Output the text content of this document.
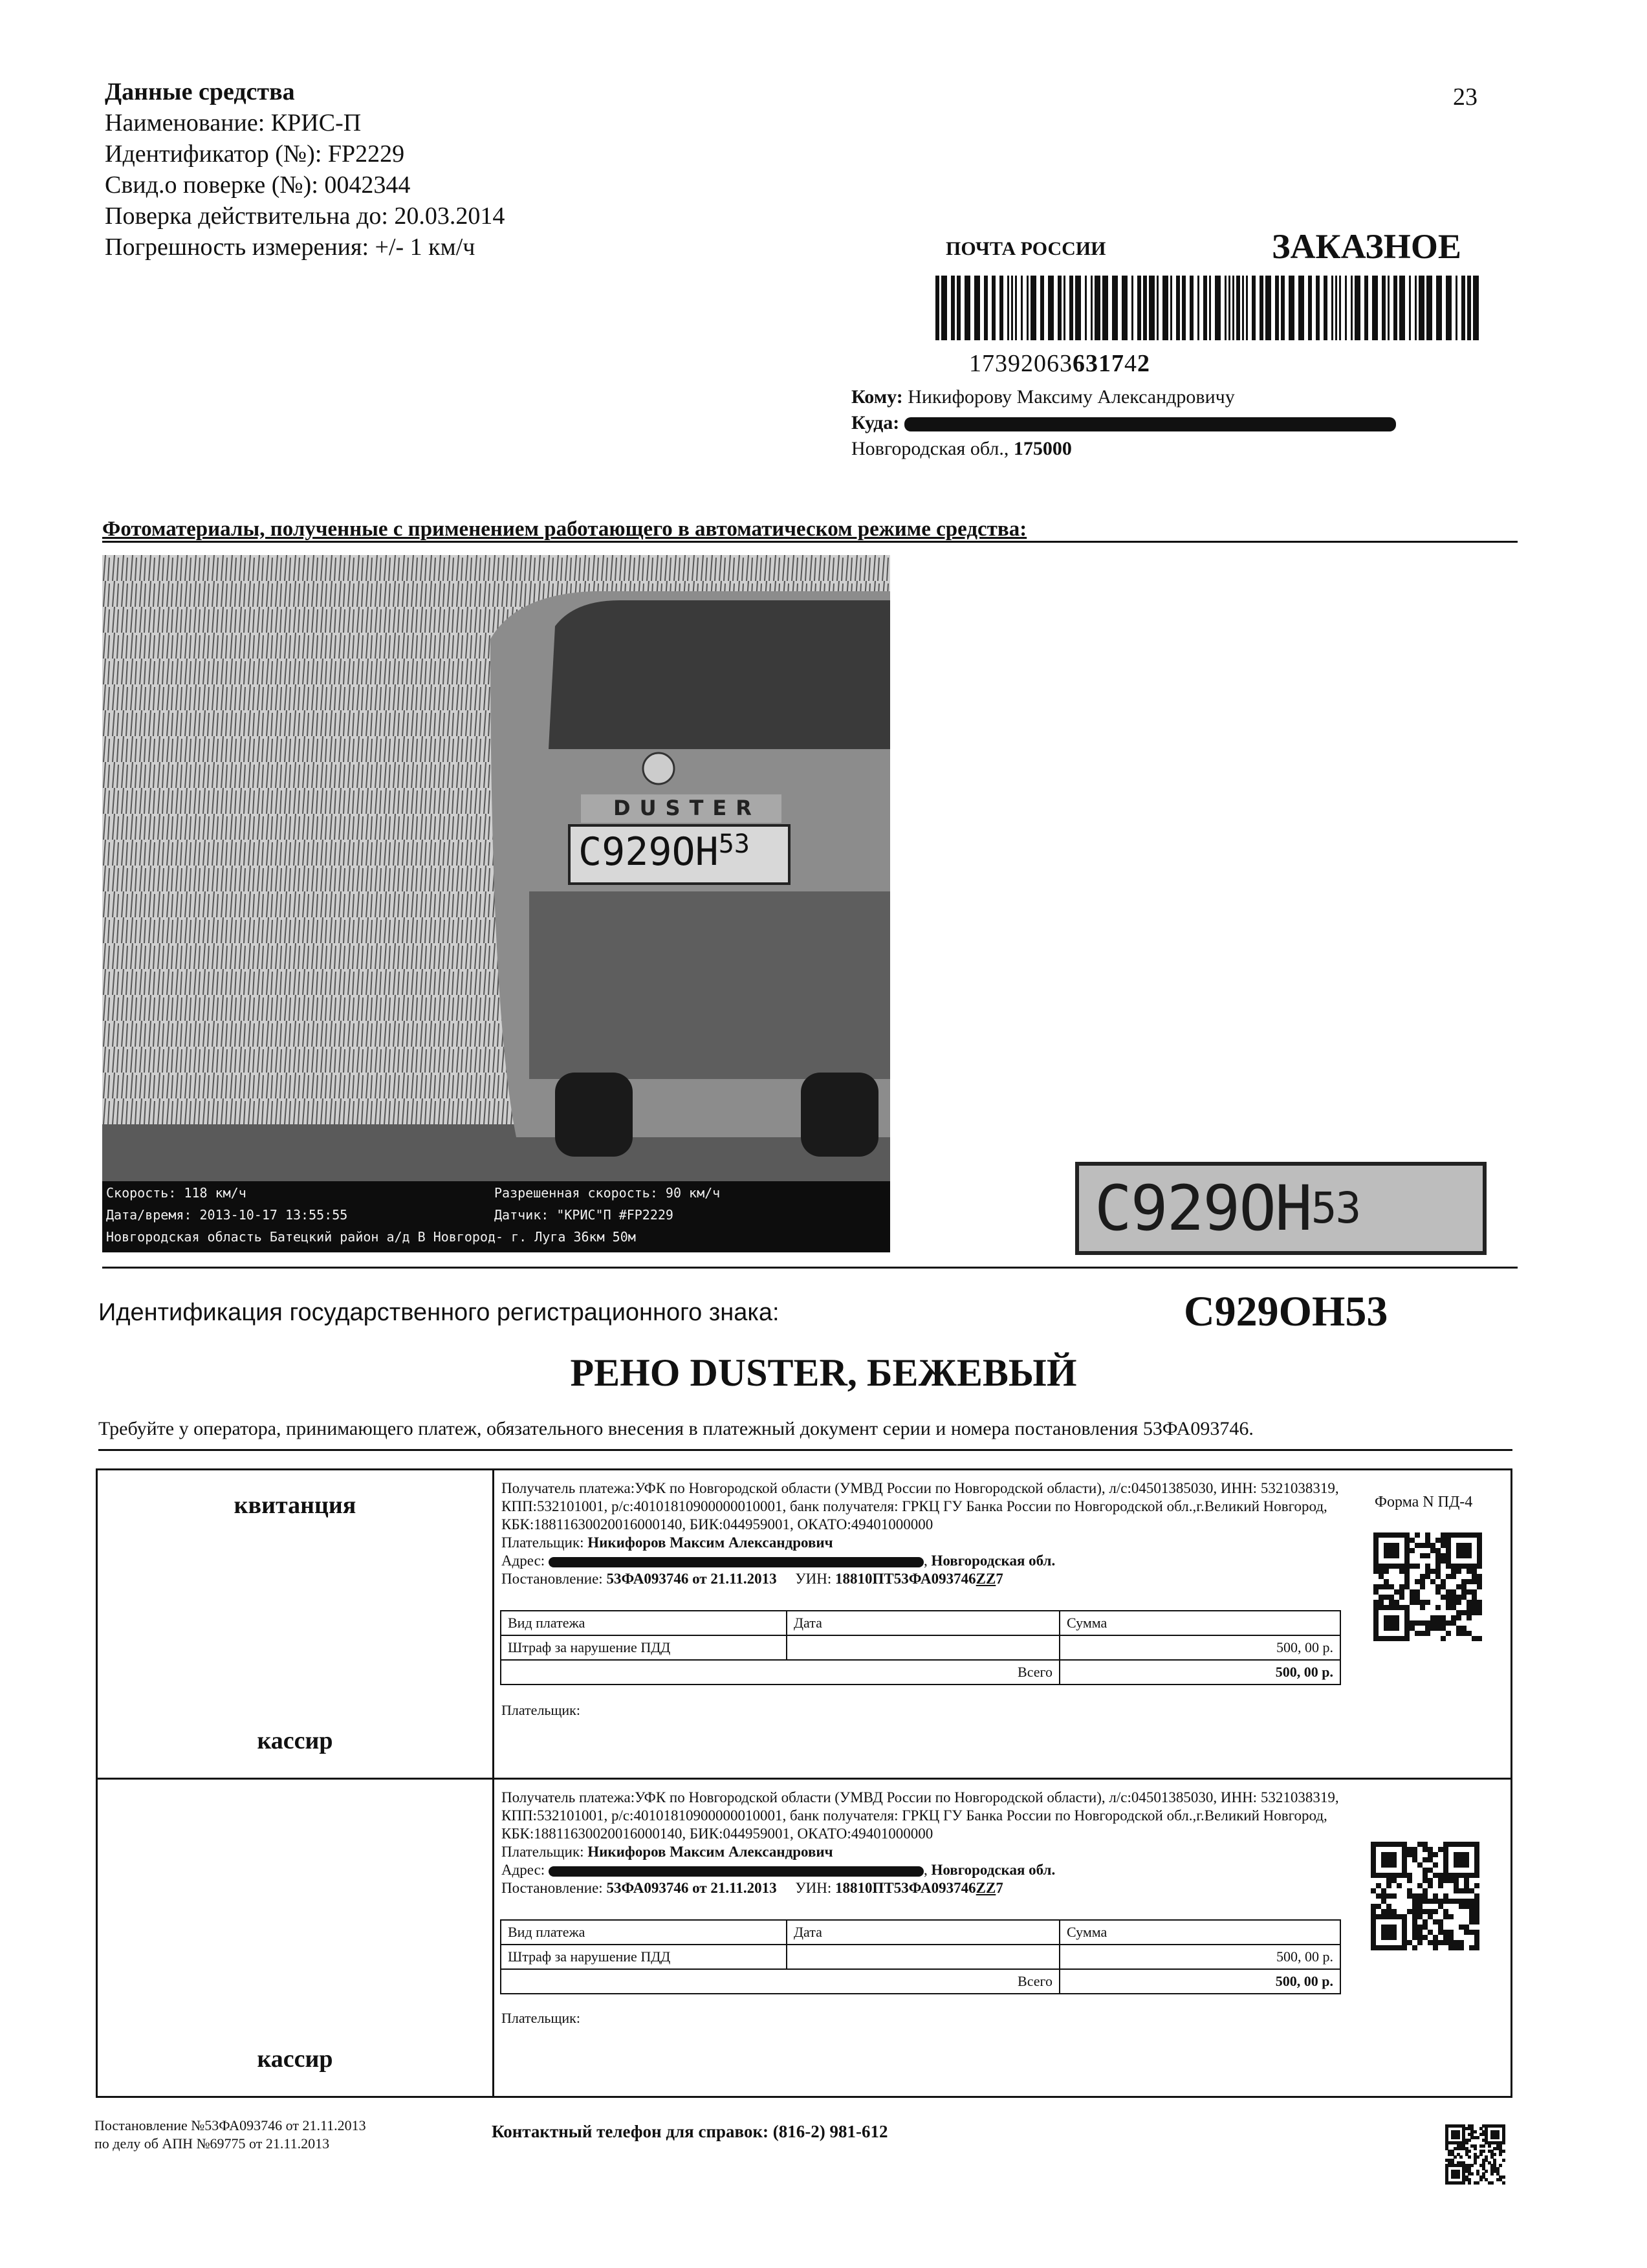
Данные средства
Наименование: КРИС-П
Идентификатор (№): FP2229
Свид.о поверке (№): 0042344
Поверка действительна до: 20.03.2014
Погрешность измерения: +/- 1 км/ч
23
ПОЧТА РОССИИ	ЗАКАЗНОЕ
17392063631742
Кому: Никифорову Максиму Александровичу
Куда:
Новгородская обл., 175000
Фотоматериалы, полученные с применением работающего в автоматическом режиме средства:
DUSTER
С929ОН$^{53}$
Скорость: 118 км/ч
Дата/время: 2013-10-17 13:55:55
Новгородская область Батецкий район а/д В Новгород- г. Луга 36км 50м
Разрешенная скорость: 90 км/ч
Датчик: "КРИС"П #FP2229	С929ОН$^{53}$
Идентификация государственного регистрационного знака:	С929ОН53
РЕНО DUSTER, БЕЖЕВЫЙ
Требуйте у оператора, принимающего платеж, обязательного внесения в платежный документ серии и номера постановления 53ФА093746.
квитанция
кассир
Получатель платежа:УФК по Новгородской области (УМВД России по Новгородской области), л/с:04501385030, ИНН: 5321038319, КПП:532101001, р/с:40101810900000010001, банк получателя: ГРКЦ ГУ Банка России по Новгородской обл.,г.Великий Новгород, КБК:18811630020016000140, БИК:044959001, ОКАТО:49401000000
Плательщик: Никифоров Максим Александрович
Адрес:	, Новгородская обл.
Постановление: 53ФА093746 от 21.11.2013 УИН: 18810ПТ53ФА093746ZZ7
Форма N ПД-4
Вид платежа	Дата	Сумма
Штраф за нарушение ПДД		500, 00 р.
Всего		500, 00 р.
Плательщик:
кассир
Получатель платежа:УФК по Новгородской области (УМВД России по Новгородской области), л/с:04501385030, ИНН: 5321038319, КПП:532101001, р/с:40101810900000010001, банк получателя: ГРКЦ ГУ Банка России по Новгородской обл.,г.Великий Новгород, КБК:18811630020016000140, БИК:044959001, ОКАТО:49401000000
Плательщик: Никифоров Максим Александрович
Адрес:	, Новгородская обл.
Постановление: 53ФА093746 от 21.11.2013 УИН: 18810ПТ53ФА093746ZZ7
Вид платежа	Дата	Сумма
Штраф за нарушение ПДД		500, 00 р.
Всего		500, 00 р.
Плательщик:
Постановление №53ФА093746 от 21.11.2013
по делу об АПН №69775 от 21.11.2013
Контактный телефон для справок: (816-2) 981-612
